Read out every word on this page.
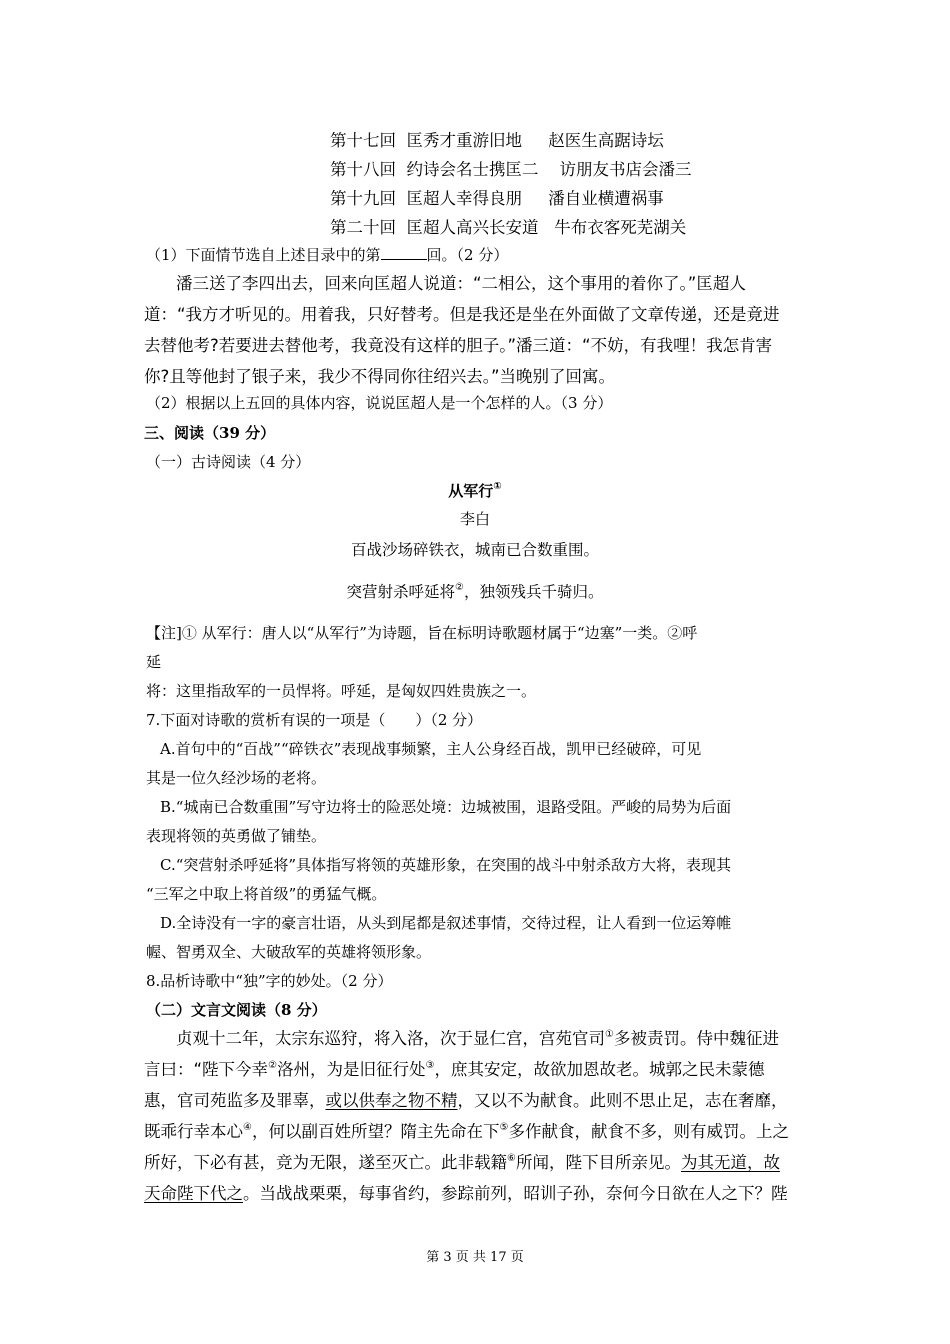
第十七回 匡秀才重游旧地 赵医生高踞诗坛
第十八回 约诗会名士携匡二 访朋友书店会潘三
第十九回 匡超人幸得良朋 潘自业横遭祸事
第二十回 匡超人高兴长安道 牛布衣客死芜湖关
（1）下面情节选自上述目录中的第	回。（2 分）
潘三送了李四出去，回来向匡超人说道：“二相公，这个事用的着你了。”匡超人
道：“我方才听见的。用着我，只好替考。但是我还是坐在外面做了文章传递，还是竟进
去替他考?若要进去替他考，我竟没有这样的胆子。”潘三道：“不妨，有我哩！我怎肯害
你?且等他封了银子来，我少不得同你往绍兴去。”当晚别了回寓。
（2）根据以上五回的具体内容，说说匡超人是一个怎样的人。（3 分）
三、阅读（39 分）
（一）古诗阅读（4 分）
从军行①
李白
百战沙场碎铁衣，城南已合数重围。
突营射杀呼延将②，独领残兵千骑归。
【注]① 从军行：唐人以“从军行”为诗题，旨在标明诗歌题材属于“边塞”一类。②呼
延
将：这里指敌军的一员悍将。呼延，是匈奴四姓贵族之一。
7.下面对诗歌的赏析有误的一项是（　　）（2 分）
A.首句中的“百战”“碎铁衣”表现战事频繁，主人公身经百战，凯甲已经破碎，可见
其是一位久经沙场的老将。
B.“城南已合数重围”写守边将士的险恶处境：边城被围，退路受阻。严峻的局势为后面
表现将领的英勇做了铺垫。
C.“突营射杀呼延将”具体指写将领的英雄形象，在突围的战斗中射杀敌方大将，表现其
“三军之中取上将首级”的勇猛气概。
D.全诗没有一字的豪言壮语，从头到尾都是叙述事情，交待过程，让人看到一位运筹帷
幄、智勇双全、大破敌军的英雄将领形象。
8.品析诗歌中“独”字的妙处。（2 分）
（二）文言文阅读（8 分）
贞观十二年，太宗东巡狩，将入洛，次于显仁宫，宫苑官司①多被责罚。侍中魏征进
言曰：“陛下今幸②洛州，为是旧征行处③，庶其安定，故欲加恩故老。城郭之民未蒙德
惠，官司苑监多及罪辜，或以供奉之物不精，又以不为献食。此则不思止足，志在奢靡，
既乖行幸本心④，何以副百姓所望？隋主先命在下⑤多作献食，献食不多，则有威罚。上之
所好，下必有甚，竞为无限，遂至灭亡。此非载籍⑥所闻，陛下目所亲见。为其无道，故
天命陛下代之。当战战栗栗，每事省约，参踪前列，昭训子孙，奈何今日欲在人之下？陛
第 3 页 共 17 页
